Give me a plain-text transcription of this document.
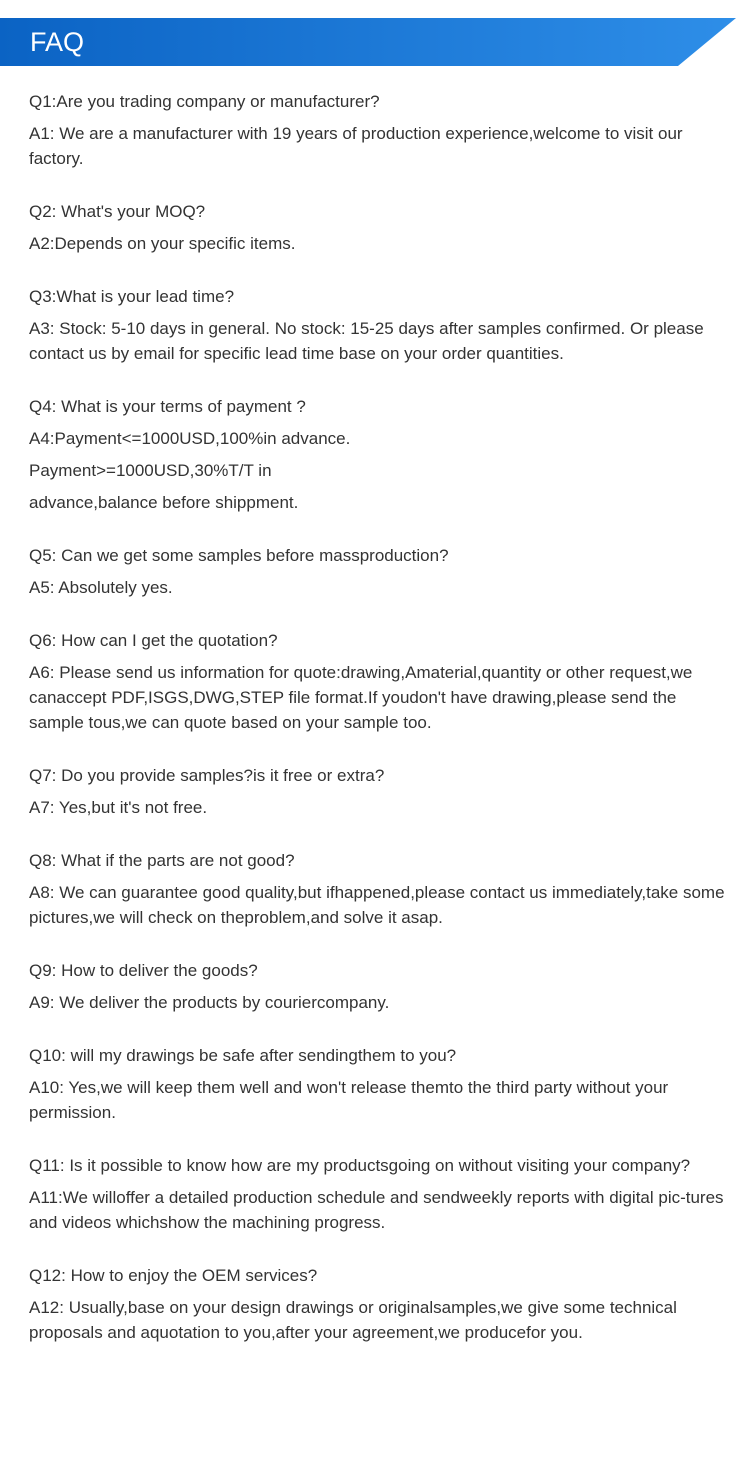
FAQ

Q1:Are you trading company or manufacturer?

A1: We are a manufacturer with 19 years of production experience,welcome to visit our factory.

Q2: What's your MOQ?

A2:Depends on your specific items.

Q3:What is your lead time?

A3: Stock: 5-10 days in general. No stock: 15-25 days after samples confirmed. Or please contact us by email for specific lead time base on your order quantities.

Q4: What is your terms of payment ?

A4:Payment<=1000USD,100%in advance.
Payment>=1000USD,30%T/T in
advance,balance before shippment.

Q5: Can we get some samples before massproduction?

A5: Absolutely yes.

Q6: How can I get the quotation?

A6: Please send us information for quote:drawing,Amaterial,quantity or other request,we canaccept PDF,ISGS,DWG,STEP file format.If youdon't have drawing,please send the sample tous,we can quote based on your sample too.

Q7: Do you provide samples?is it free or extra?

A7: Yes,but it's not free.

Q8: What if the parts are not good?

A8: We can guarantee good quality,but ifhappened,please contact us immediately,take some pictures,we will check on theproblem,and solve it asap.

Q9: How to deliver the goods?

A9: We deliver the products by couriercompany.

Q10: will my drawings be safe after sendingthem to you?

A10: Yes,we will keep them well and won't release themto the third party without your permission.

Q11: Is it possible to know how are my productsgoing on without visiting your company?

A11:We willoffer a detailed production schedule and sendweekly reports with digital pic-tures and videos whichshow the machining progress.

Q12: How to enjoy the OEM services?

A12: Usually,base on your design drawings or originalsamples,we give some technical proposals and aquotation to you,after your agreement,we producefor you.
